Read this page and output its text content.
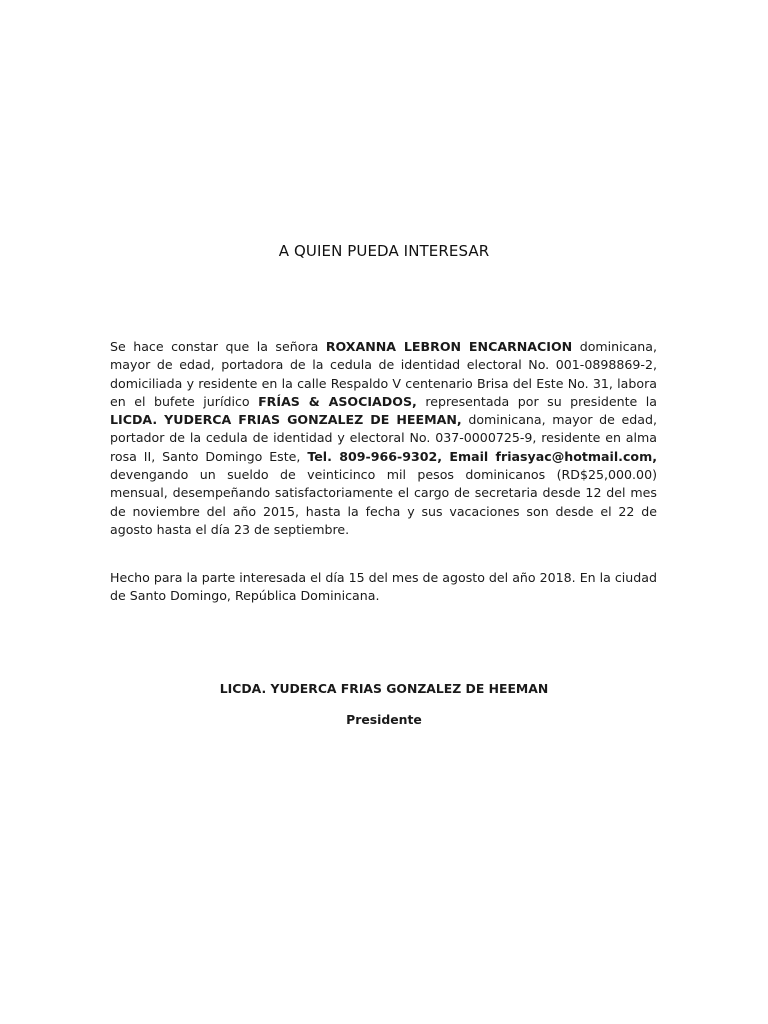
A QUIEN PUEDA INTERESAR

Se hace constar que la señora ROXANNA LEBRON ENCARNACION dominicana, mayor de edad, portadora de la cedula de identidad electoral No. 001-0898869-2, domiciliada y residente en la calle Respaldo V centenario Brisa del Este No. 31, labora en el bufete jurídico FRÍAS & ASOCIADOS, representada por su presidente la LICDA. YUDERCA FRIAS GONZALEZ DE HEEMAN, dominicana, mayor de edad, portador de la cedula de identidad y electoral No. 037-0000725-9, residente en alma rosa II, Santo Domingo Este, Tel. 809-966-9302, Email friasyac@hotmail.com, devengando un sueldo de veinticinco mil pesos dominicanos (RD$25,000.00) mensual, desempeñando satisfactoriamente el cargo de secretaria desde 12 del mes de noviembre del año 2015, hasta la fecha y sus vacaciones son desde el 22 de agosto hasta el día 23 de septiembre.

Hecho para la parte interesada el día 15 del mes de agosto del año 2018. En la ciudad de Santo Domingo, República Dominicana.

LICDA. YUDERCA FRIAS GONZALEZ DE HEEMAN
Presidente
